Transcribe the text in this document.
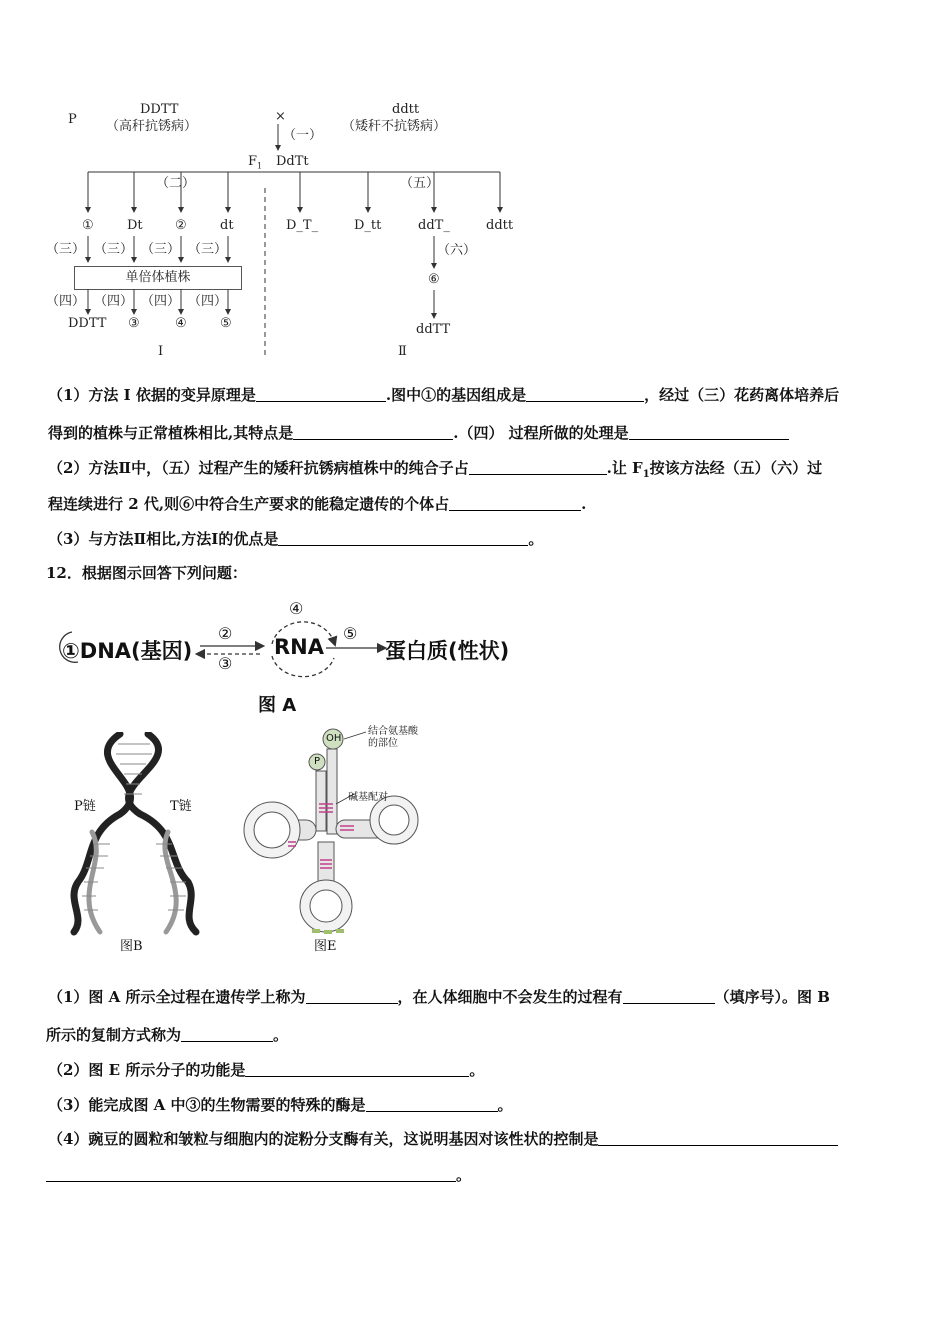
P
DDTT
（高秆抗锈病）
×	ddtt
（矮秆不抗锈病）
（一）
$F_1$ DdTt
（二）	（五）
①	Dt ②	dt
（三） （三） （三） （三）
单倍体植株
（四） （四） （四） （四）
DDTT ③	④	⑤
Ⅰ
D_T_	D_tt	ddT_	ddtt
（六）
⑥
ddTT
Ⅱ
（1）方法 I 依据的变异原理是	.图中①的基因组成是	，经过（三）花药离体培养后
得到的植株与正常植株相比,其特点是	.（四） 过程所做的处理是
（2）方法Ⅱ中，（五）过程产生的矮秆抗锈病植株中的纯合子占	.让 $F_1$按该方法经（五）（六）过
程连续进行 2 代,则⑥中符合生产要求的能稳定遗传的个体占	.
（3）与方法Ⅱ相比,方法Ⅰ的优点是	。
12．根据图示回答下列问题：
①DNA(基因)
②
③
④
RNA
⑤
蛋白质(性状)
图 A
P链	T链
图B
OH
P
结合氨基酸
的部位
碱基配对
图E
（1）图 A 所示全过程在遗传学上称为	，在人体细胞中不会发生的过程有	（填序号）。图 B
所示的复制方式称为	。
（2）图 E 所示分子的功能是	。
（3）能完成图 A 中③的生物需要的特殊的酶是	。
（4）豌豆的圆粒和皱粒与细胞内的淀粉分支酶有关，这说明基因对该性状的控制是
。
